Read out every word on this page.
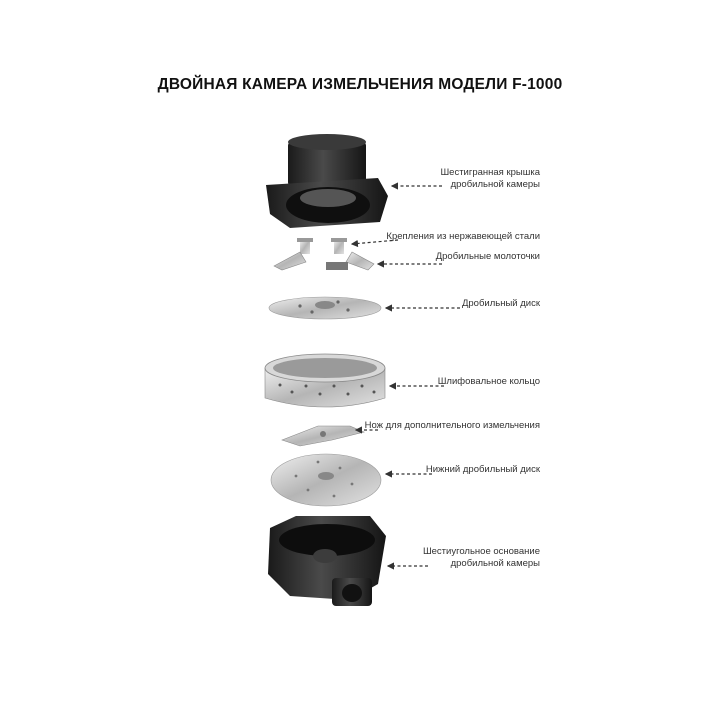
ДВОЙНАЯ КАМЕРА ИЗМЕЛЬЧЕНИЯ МОДЕЛИ F-1000
Шестигранная крышка
дробильной камеры
Крепления из нержавеющей стали
Дробильные молоточки
Дробильный диск
Шлифовальное кольцо
Нож для дополнительного измельчения
Нижний дробильный диск
Шестиугольное основание
дробильной камеры
